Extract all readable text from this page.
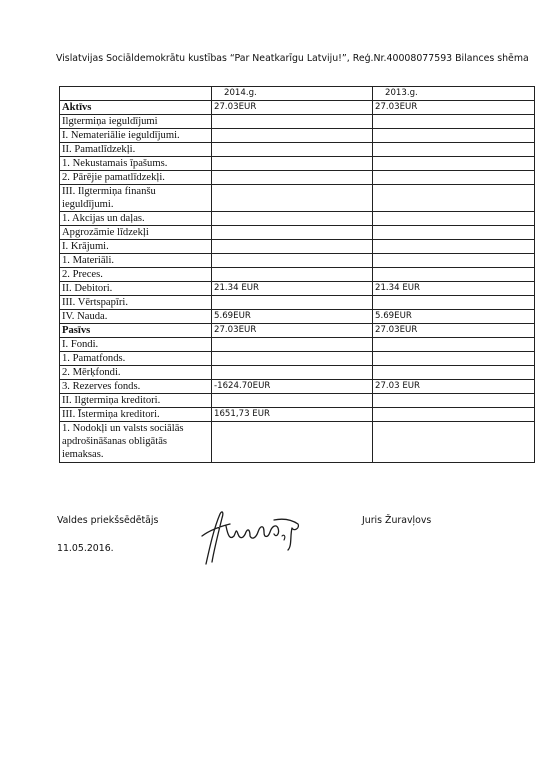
Vislatvijas Sociāldemokrātu kustības “Par Neatkarīgu Latviju!”, Reģ.Nr.40008077593 Bilances shēma
	2014.g.	2013.g.
Aktīvs	27.03EUR	27.03EUR
Ilgtermiņa ieguldījumi		
I. Nemateriālie ieguldījumi.		
II. Pamatlīdzekļi.		
1. Nekustamais īpašums.		
2. Pārējie pamatlīdzekļi.		
III. Ilgtermiņa finanšu ieguldījumi.		
1. Akcijas un daļas.		
Apgrozāmie līdzekļi		
I. Krājumi.		
1. Materiāli.		
2. Preces.		
II. Debitori.	21.34 EUR	21.34 EUR
III. Vērtspapīri.		
IV. Nauda.	5.69EUR	5.69EUR
Pasīvs	27.03EUR	27.03EUR
I. Fondi.		
1. Pamatfonds.		
2. Mērķfondi.		
3. Rezerves fonds.	-1624.70EUR	27.03 EUR
II. Ilgtermiņa kreditori.		
III. Īstermiņa kreditori.	1651,73 EUR	
1. Nodokļi un valsts sociālās apdrošināšanas obligātās iemaksas.		
Valdes priekšsēdētājs
11.05.2016.
Juris Žuravļovs
